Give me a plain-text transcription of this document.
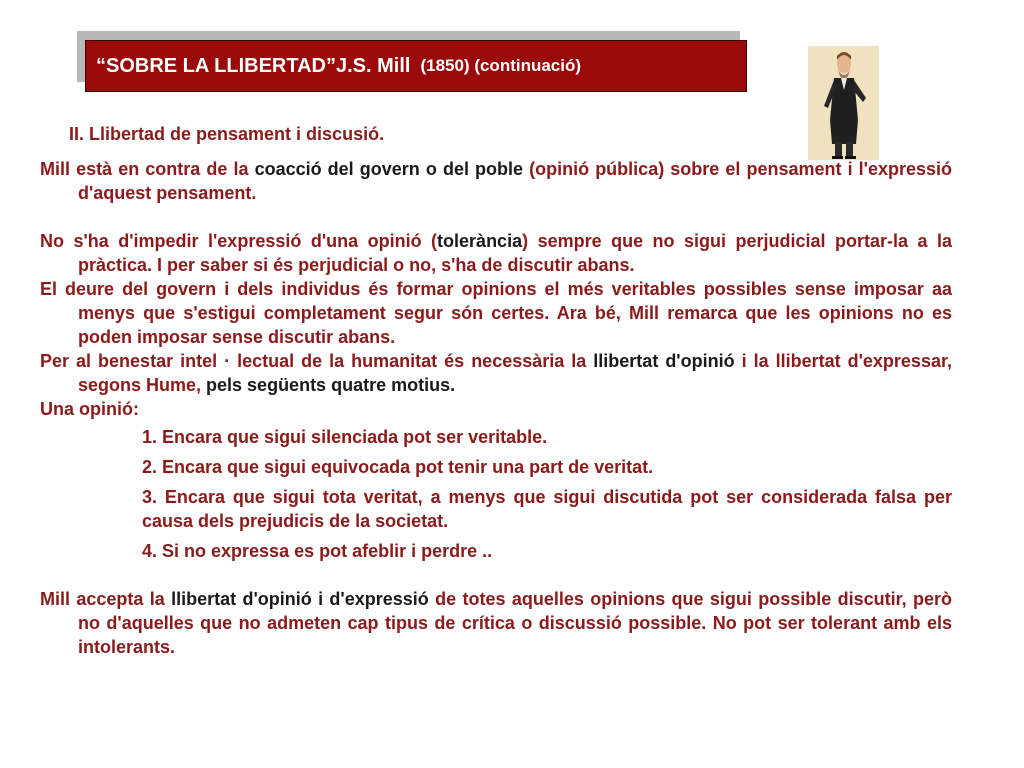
“SOBRE LA LLIBERTAD”J.S. Mill (1850) (continuació)
II. Llibertad de pensament i discusió.

Mill està en contra de la coacció del govern o del poble (opinió pública) sobre el pensament i l'expressió d'aquest pensament.

No s'ha d'impedir l'expressió d'una opinió (tolerància) sempre que no sigui perjudicial portar-la a la pràctica. I per saber si és perjudicial o no, s'ha de discutir abans.

El deure del govern i dels individus és formar opinions el més veritables possibles sense imposar aa menys que s'estigui completament segur són certes. Ara bé, Mill remarca que les opinions no es poden imposar sense discutir abans.

Per al benestar intel · lectual de la humanitat és necessària la llibertat d'opinió i la llibertat d'expressar, segons Hume, pels següents quatre motius.

Una opinió:

1. Encara que sigui silenciada pot ser veritable.

2. Encara que sigui equivocada pot tenir una part de veritat.

3. Encara que sigui tota veritat, a menys que sigui discutida pot ser considerada falsa per causa dels prejudicis de la societat.

4. Si no expressa es pot afeblir i perdre ..

Mill accepta la llibertat d'opinió i d'expressió de totes aquelles opinions que sigui possible discutir, però no d'aquelles que no admeten cap tipus de crítica o discussió possible. No pot ser tolerant amb els intolerants.
